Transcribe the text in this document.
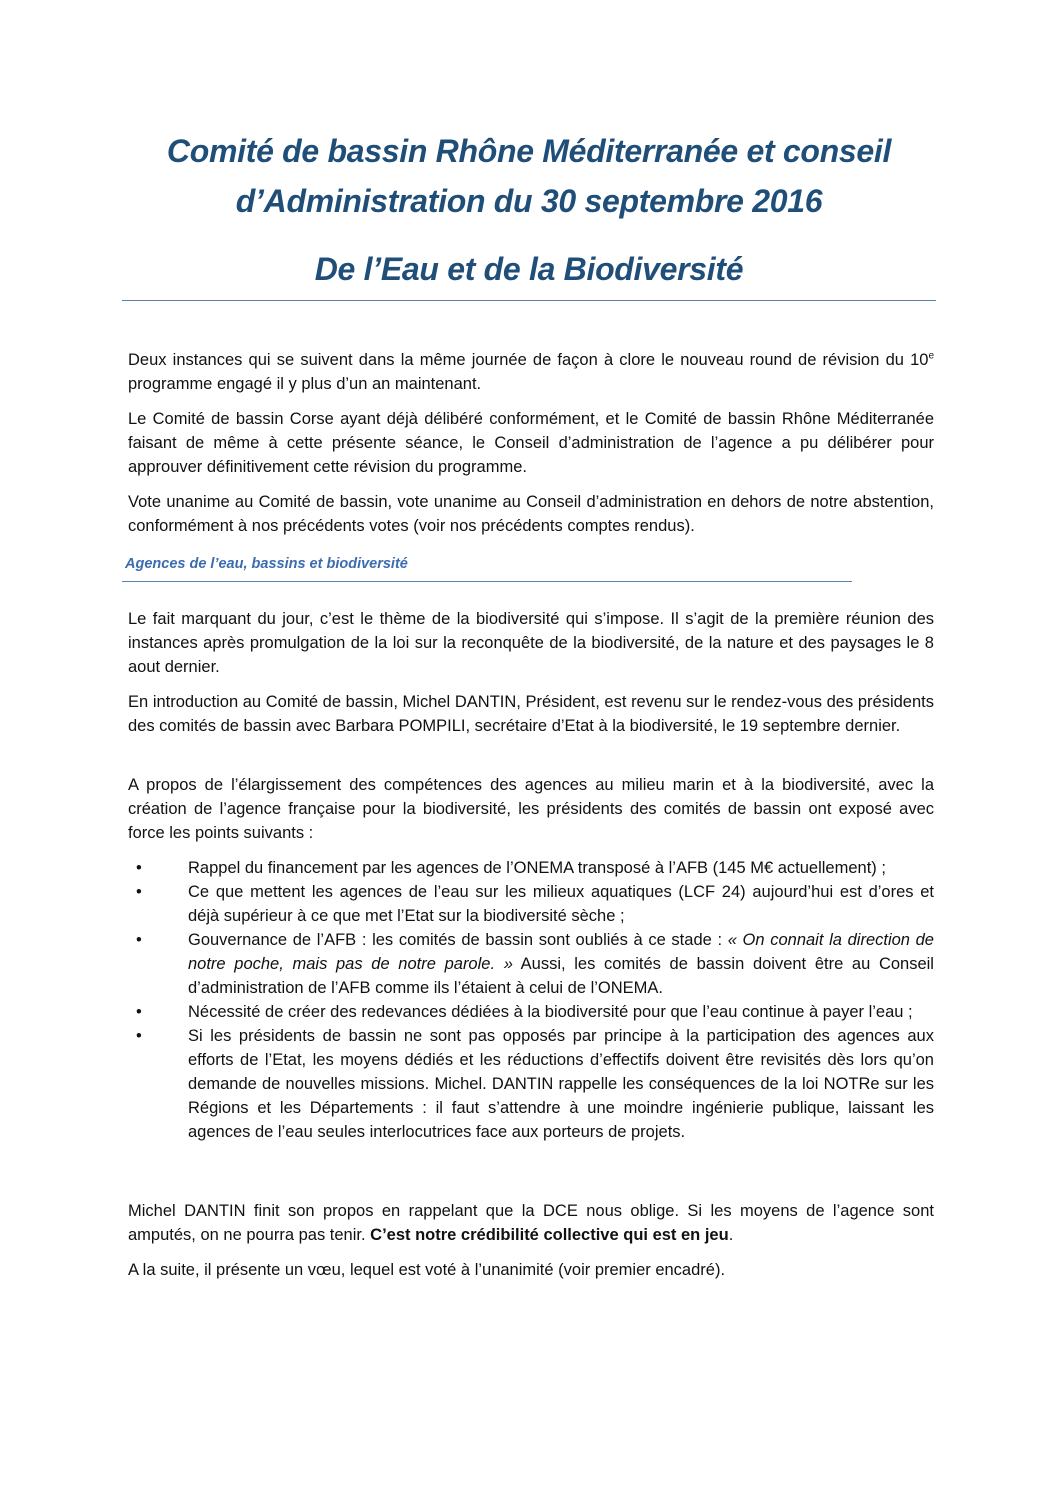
Comité de bassin Rhône Méditerranée et conseil
d’Administration du 30 septembre 2016
De l’Eau et de la Biodiversité
Deux instances qui se suivent dans la même journée de façon à clore le nouveau round de révision du 10e programme engagé il y plus d’un an maintenant.
Le Comité de bassin Corse ayant déjà délibéré conformément, et le Comité de bassin Rhône Méditerranée faisant de même à cette présente séance, le Conseil d’administration de l’agence a pu délibérer pour approuver définitivement cette révision du programme.
Vote unanime au Comité de bassin, vote unanime au Conseil d’administration en dehors de notre abstention, conformément à nos précédents votes (voir nos précédents comptes rendus).
Agences de l’eau, bassins et biodiversité
Le fait marquant du jour, c’est le thème de la biodiversité qui s’impose. Il s’agit de la première réunion des instances après promulgation de la loi sur la reconquête de la biodiversité, de la nature et des paysages le 8 aout dernier.
En introduction au Comité de bassin, Michel DANTIN, Président, est revenu sur le rendez-vous des présidents des comités de bassin avec Barbara POMPILI, secrétaire d’Etat à la biodiversité, le 19 septembre dernier.
A propos de l’élargissement des compétences des agences au milieu marin et à la biodiversité, avec la création de l’agence française pour la biodiversité, les présidents des comités de bassin ont exposé avec force les points suivants :
•	Rappel du financement par les agences de l’ONEMA transposé à l’AFB (145 M€ actuellement) ;
•	Ce que mettent les agences de l’eau sur les milieux aquatiques (LCF 24) aujourd’hui est d’ores et déjà supérieur à ce que met l’Etat sur la biodiversité sèche ;
•	Gouvernance de l’AFB : les comités de bassin sont oubliés à ce stade : « On connait la direction de notre poche, mais pas de notre parole. » Aussi, les comités de bassin doivent être au Conseil d’administration de l’AFB comme ils l’étaient à celui de l’ONEMA.
•	Nécessité de créer des redevances dédiées à la biodiversité pour que l’eau continue à payer l’eau ;
•	Si les présidents de bassin ne sont pas opposés par principe à la participation des agences aux efforts de l’Etat, les moyens dédiés et les réductions d’effectifs doivent être revisités dès lors qu’on demande de nouvelles missions. Michel. DANTIN rappelle les conséquences de la loi NOTRe sur les Régions et les Départements : il faut s’attendre à une moindre ingénierie publique, laissant les agences de l’eau seules interlocutrices face aux porteurs de projets.
Michel DANTIN finit son propos en rappelant que la DCE nous oblige. Si les moyens de l’agence sont amputés, on ne pourra pas tenir. C’est notre crédibilité collective qui est en jeu.
A la suite, il présente un vœu, lequel est voté à l’unanimité (voir premier encadré).
